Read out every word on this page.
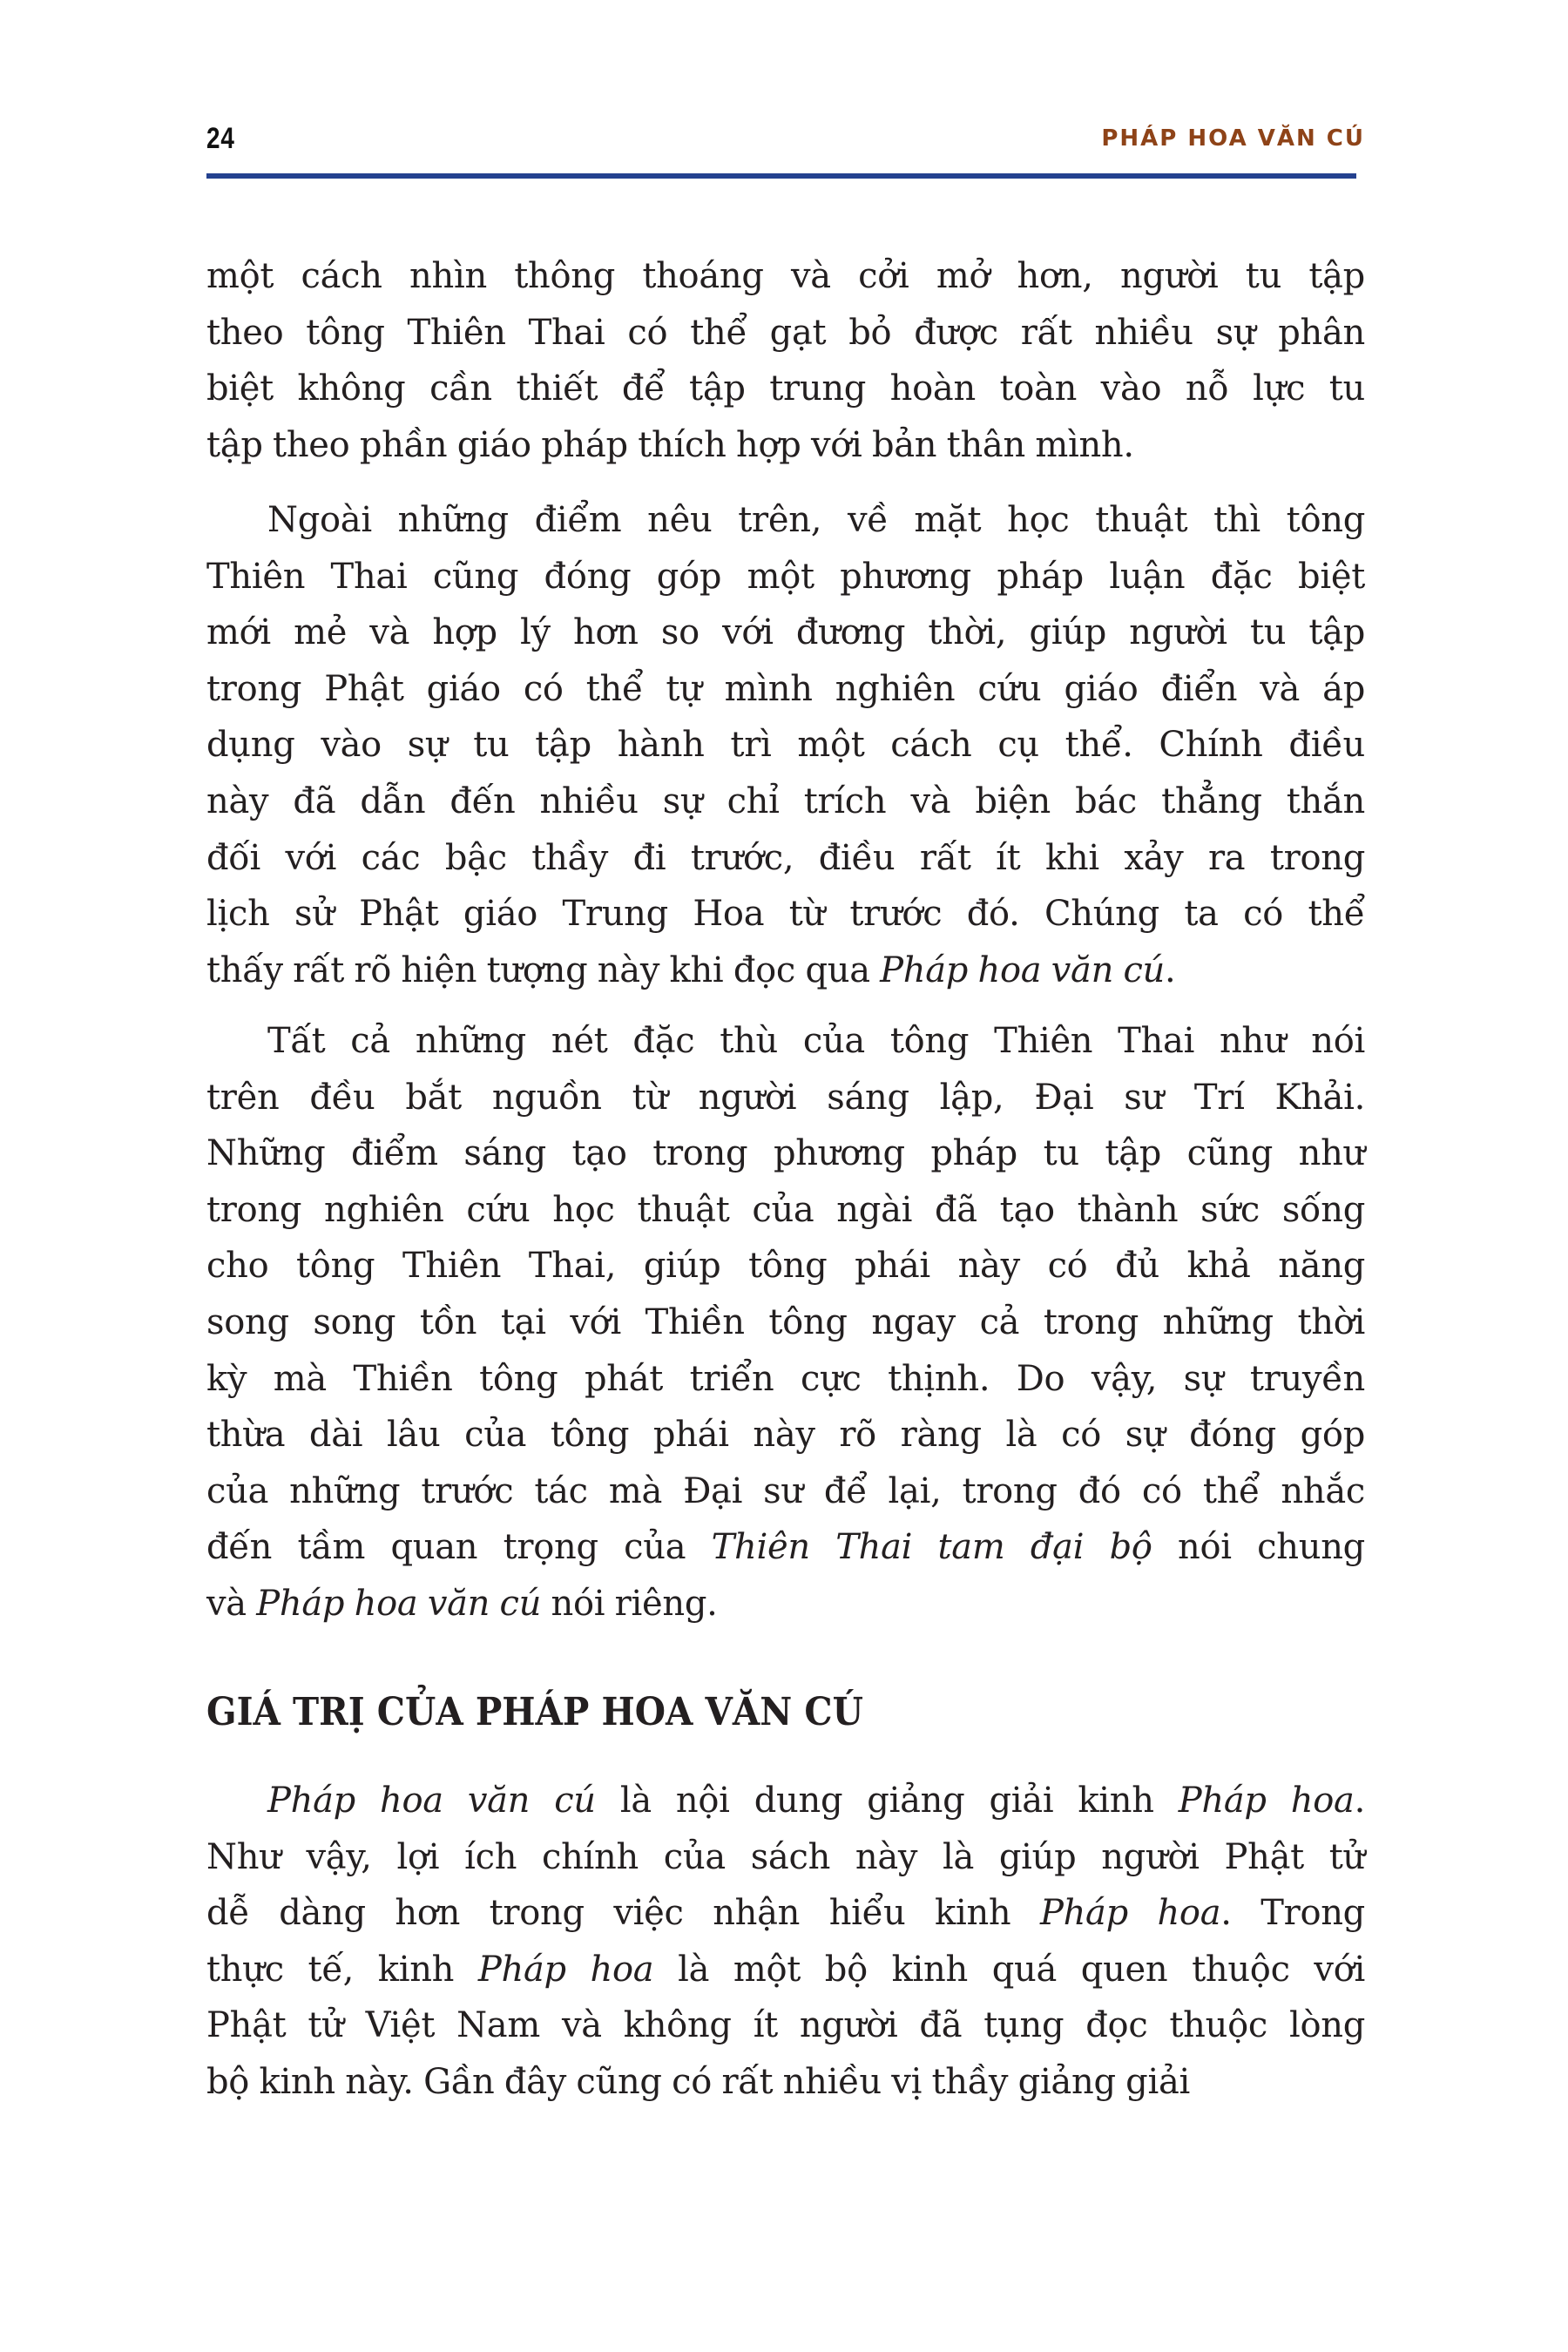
24	PHÁP HOA VĂN CÚ
một cách nhìn thông thoáng và cởi mở hơn, người tu tập
theo tông Thiên Thai có thể gạt bỏ được rất nhiều sự phân
biệt không cần thiết để tập trung hoàn toàn vào nỗ lực tu
tập theo phần giáo pháp thích hợp với bản thân mình.
Ngoài những điểm nêu trên, về mặt học thuật thì tông
Thiên Thai cũng đóng góp một phương pháp luận đặc biệt
mới mẻ và hợp lý hơn so với đương thời, giúp người tu tập
trong Phật giáo có thể tự mình nghiên cứu giáo điển và áp
dụng vào sự tu tập hành trì một cách cụ thể. Chính điều
này đã dẫn đến nhiều sự chỉ trích và biện bác thẳng thắn
đối với các bậc thầy đi trước, điều rất ít khi xảy ra trong
lịch sử Phật giáo Trung Hoa từ trước đó. Chúng ta có thể
thấy rất rõ hiện tượng này khi đọc qua Pháp hoa văn cú.
Tất cả những nét đặc thù của tông Thiên Thai như nói
trên đều bắt nguồn từ người sáng lập, Đại sư Trí Khải.
Những điểm sáng tạo trong phương pháp tu tập cũng như
trong nghiên cứu học thuật của ngài đã tạo thành sức sống
cho tông Thiên Thai, giúp tông phái này có đủ khả năng
song song tồn tại với Thiền tông ngay cả trong những thời
kỳ mà Thiền tông phát triển cực thịnh. Do vậy, sự truyền
thừa dài lâu của tông phái này rõ ràng là có sự đóng góp
của những trước tác mà Đại sư để lại, trong đó có thể nhắc
đến tầm quan trọng của Thiên Thai tam đại bộ nói chung
và Pháp hoa văn cú nói riêng.
GIÁ TRỊ CỦA PHÁP HOA VĂN CÚ
Pháp hoa văn cú là nội dung giảng giải kinh Pháp hoa.
Như vậy, lợi ích chính của sách này là giúp người Phật tử
dễ dàng hơn trong việc nhận hiểu kinh Pháp hoa. Trong
thực tế, kinh Pháp hoa là một bộ kinh quá quen thuộc với
Phật tử Việt Nam và không ít người đã tụng đọc thuộc lòng
bộ kinh này. Gần đây cũng có rất nhiều vị thầy giảng giải
